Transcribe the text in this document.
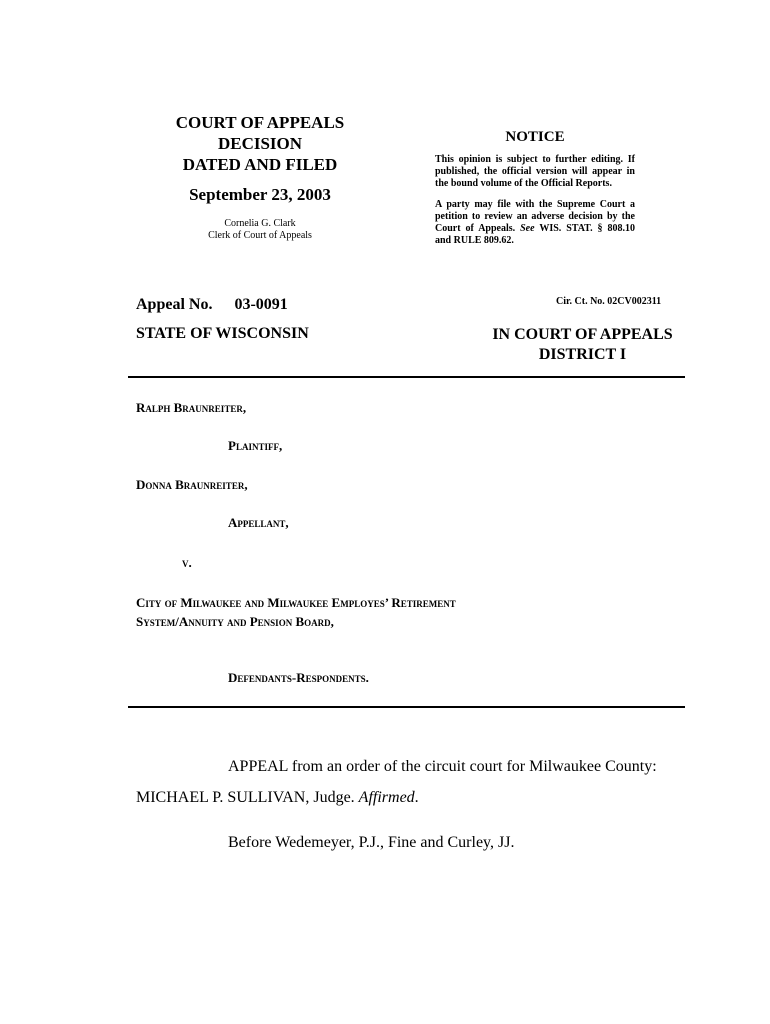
COURT OF APPEALS
DECISION
DATED AND FILED
September 23, 2003
Cornelia G. Clark
Clerk of Court of Appeals
NOTICE
This opinion is subject to further editing. If published, the official version will appear in the bound volume of the Official Reports.
A party may file with the Supreme Court a petition to review an adverse decision by the Court of Appeals. See WIS. STAT. § 808.10 and RULE 809.62.
Appeal No. 03-0091	Cir. Ct. No. 02CV002311
STATE OF WISCONSIN	IN COURT OF APPEALS
DISTRICT I
Ralph Braunreiter,
Plaintiff,
Donna Braunreiter,
Appellant,
v.
City of Milwaukee and Milwaukee Employes’ Retirement System/Annuity and Pension Board,
Defendants-Respondents.
APPEAL from an order of the circuit court for Milwaukee County:
MICHAEL P. SULLIVAN, Judge. Affirmed.
Before Wedemeyer, P.J., Fine and Curley, JJ.
